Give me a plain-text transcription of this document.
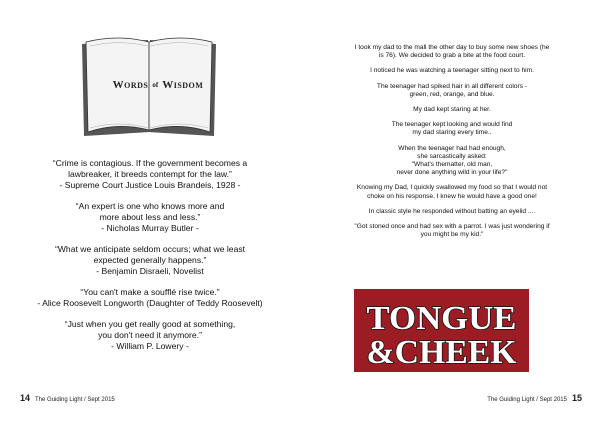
Words of Wisdom
“Crime is contagious. If the government becomes a
lawbreaker, it breeds contempt for the law.”
- Supreme Court Justice Louis Brandeis, 1928 -
“An expert is one who knows more and
more about less and less.”
- Nicholas Murray Butler -
“What we anticipate seldom occurs; what we least
expected generally happens.”
- Benjamin Disraeli, Novelist
“You can't make a soufflé rise twice.”
- Alice Roosevelt Longworth (Daughter of Teddy Roosevelt)
“Just when you get really good at something,
you don't need it anymore.”
- William P. Lowery -
14 The Guiding Light / Sept 2015

I took my dad to the mall the other day to buy some new shoes (he
is 76). We decided to grab a bite at the food court.

I noticed he was watching a teenager sitting next to him.

The teenager had spiked hair in all different colors -
green, red, orange, and blue.

My dad kept staring at her.

The teenager kept looking and would find
my dad staring every time..

When the teenager had had enough,
she sarcastically asked:
"What's thematter, old man,
never done anything wild in your life?"

Knowing my Dad, I quickly swallowed my food so that I would not
choke on his response. I knew he would have a good one!

In classic style he responded without batting an eyelid ....

"Got stoned once and had sex with a parrot. I was just wondering if
you might be my kid."

TONGUE
&CHEEK
The Guiding Light / Sept 2015 15
